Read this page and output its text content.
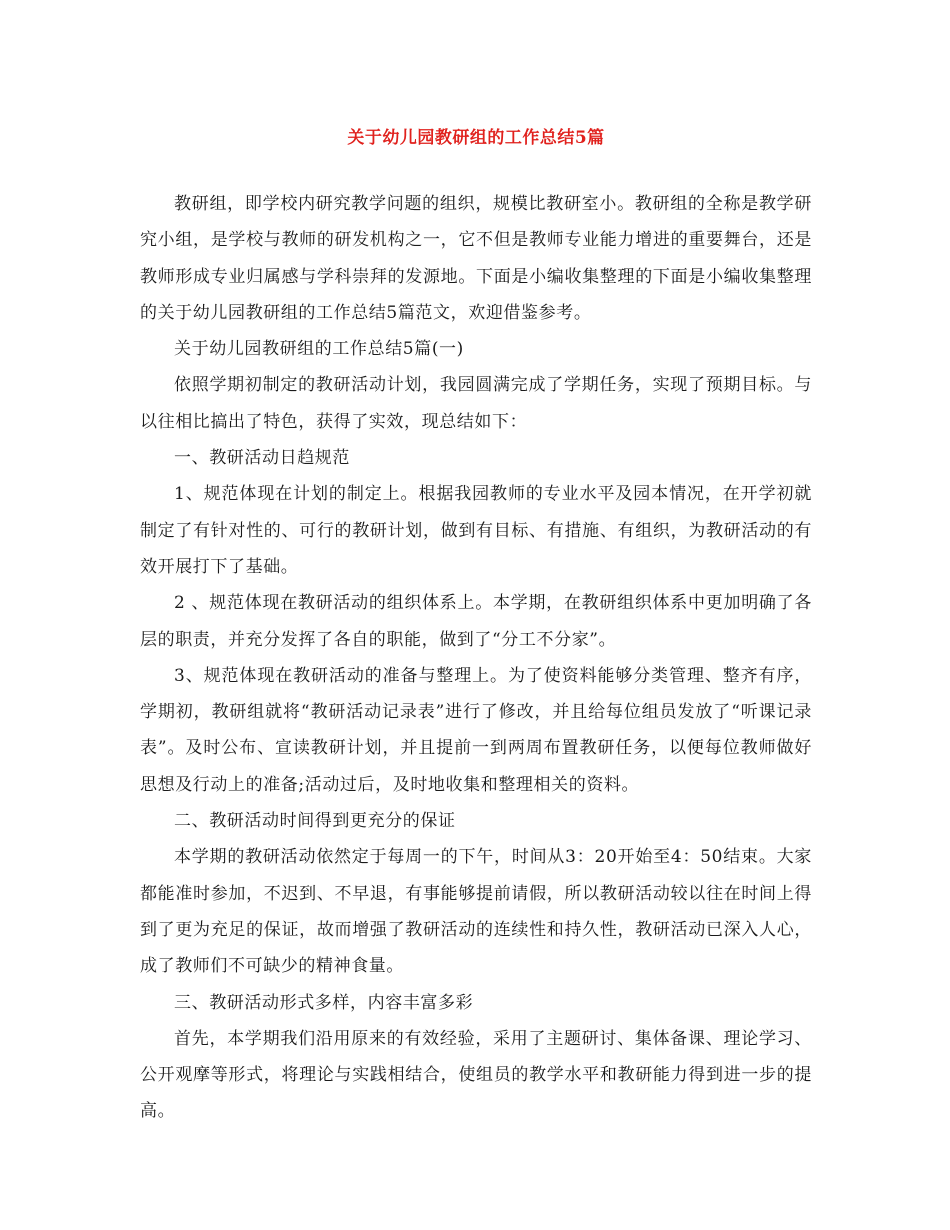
关于幼儿园教研组的工作总结5篇

教研组，即学校内研究教学问题的组织，规模比教研室小。教研组的全称是教学研究小组，是学校与教师的研发机构之一，它不但是教师专业能力增进的重要舞台，还是教师形成专业归属感与学科崇拜的发源地。下面是小编收集整理的下面是小编收集整理的关于幼儿园教研组的工作总结5篇范文，欢迎借鉴参考。

关于幼儿园教研组的工作总结5篇(一)

依照学期初制定的教研活动计划，我园圆满完成了学期任务，实现了预期目标。与以往相比搞出了特色，获得了实效，现总结如下：

一、教研活动日趋规范

1、规范体现在计划的制定上。根据我园教师的专业水平及园本情况，在开学初就制定了有针对性的、可行的教研计划，做到有目标、有措施、有组织，为教研活动的有效开展打下了基础。

2 、规范体现在教研活动的组织体系上。本学期，在教研组织体系中更加明确了各层的职责，并充分发挥了各自的职能，做到了“分工不分家”。

3、规范体现在教研活动的准备与整理上。为了使资料能够分类管理、整齐有序，学期初，教研组就将“教研活动记录表”进行了修改，并且给每位组员发放了“听课记录表”。及时公布、宣读教研计划，并且提前一到两周布置教研任务，以便每位教师做好思想及行动上的准备;活动过后，及时地收集和整理相关的资料。

二、教研活动时间得到更充分的保证

本学期的教研活动依然定于每周一的下午，时间从3：20开始至4：50结束。大家都能准时参加，不迟到、不早退，有事能够提前请假，所以教研活动较以往在时间上得到了更为充足的保证，故而增强了教研活动的连续性和持久性，教研活动已深入人心，成了教师们不可缺少的精神食量。

三、教研活动形式多样，内容丰富多彩

首先，本学期我们沿用原来的有效经验，采用了主题研讨、集体备课、理论学习、公开观摩等形式，将理论与实践相结合，使组员的教学水平和教研能力得到进一步的提高。
